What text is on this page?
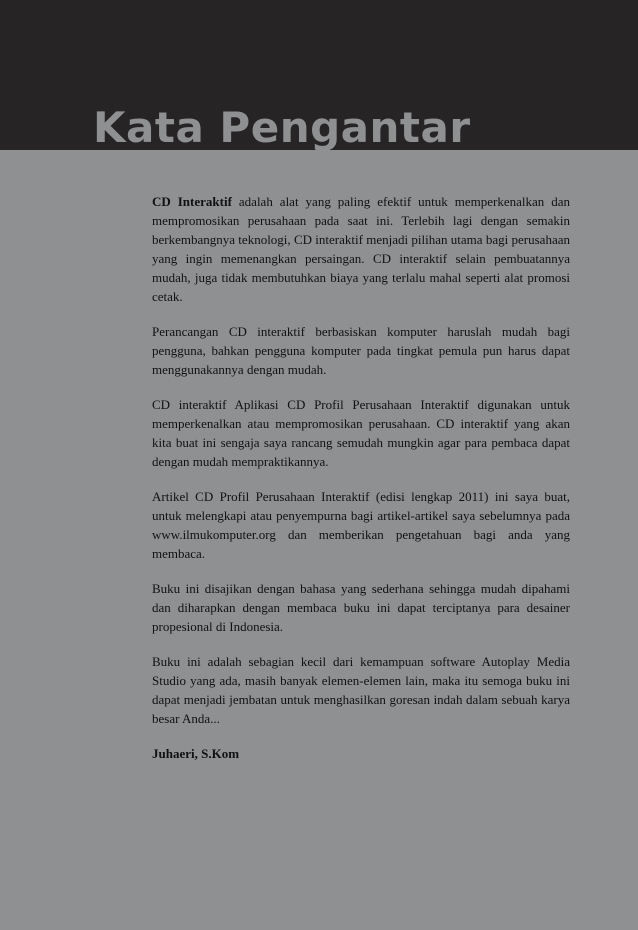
Kata Pengantar

CD Interaktif adalah alat yang paling efektif untuk memperkenalkan dan mempromosikan perusahaan pada saat ini. Terlebih lagi dengan semakin berkembangnya teknologi, CD interaktif menjadi pilihan utama bagi perusahaan yang ingin memenangkan persaingan. CD interaktif selain pembuatannya mudah, juga tidak membutuhkan biaya yang terlalu mahal seperti alat promosi cetak.

Perancangan CD interaktif berbasiskan komputer haruslah mudah bagi pengguna, bahkan pengguna komputer pada tingkat pemula pun harus dapat menggunakannya dengan mudah.

CD interaktif Aplikasi CD Profil Perusahaan Interaktif digunakan untuk memperkenalkan atau mempromosikan perusahaan. CD interaktif yang akan kita buat ini sengaja saya rancang semudah mungkin agar para pembaca dapat dengan mudah mempraktikannya.

Artikel CD Profil Perusahaan Interaktif (edisi lengkap 2011) ini saya buat, untuk melengkapi atau penyempurna bagi artikel-artikel saya sebelumnya pada www.ilmukomputer.org dan memberikan pengetahuan bagi anda yang membaca.

Buku ini disajikan dengan bahasa yang sederhana sehingga mudah dipahami dan diharapkan dengan membaca buku ini dapat terciptanya para desainer propesional di Indonesia.

Buku ini adalah sebagian kecil dari kemampuan software Autoplay Media Studio yang ada, masih banyak elemen-elemen lain, maka itu semoga buku ini dapat menjadi jembatan untuk menghasilkan goresan indah dalam sebuah karya besar Anda...

Juhaeri, S.Kom
